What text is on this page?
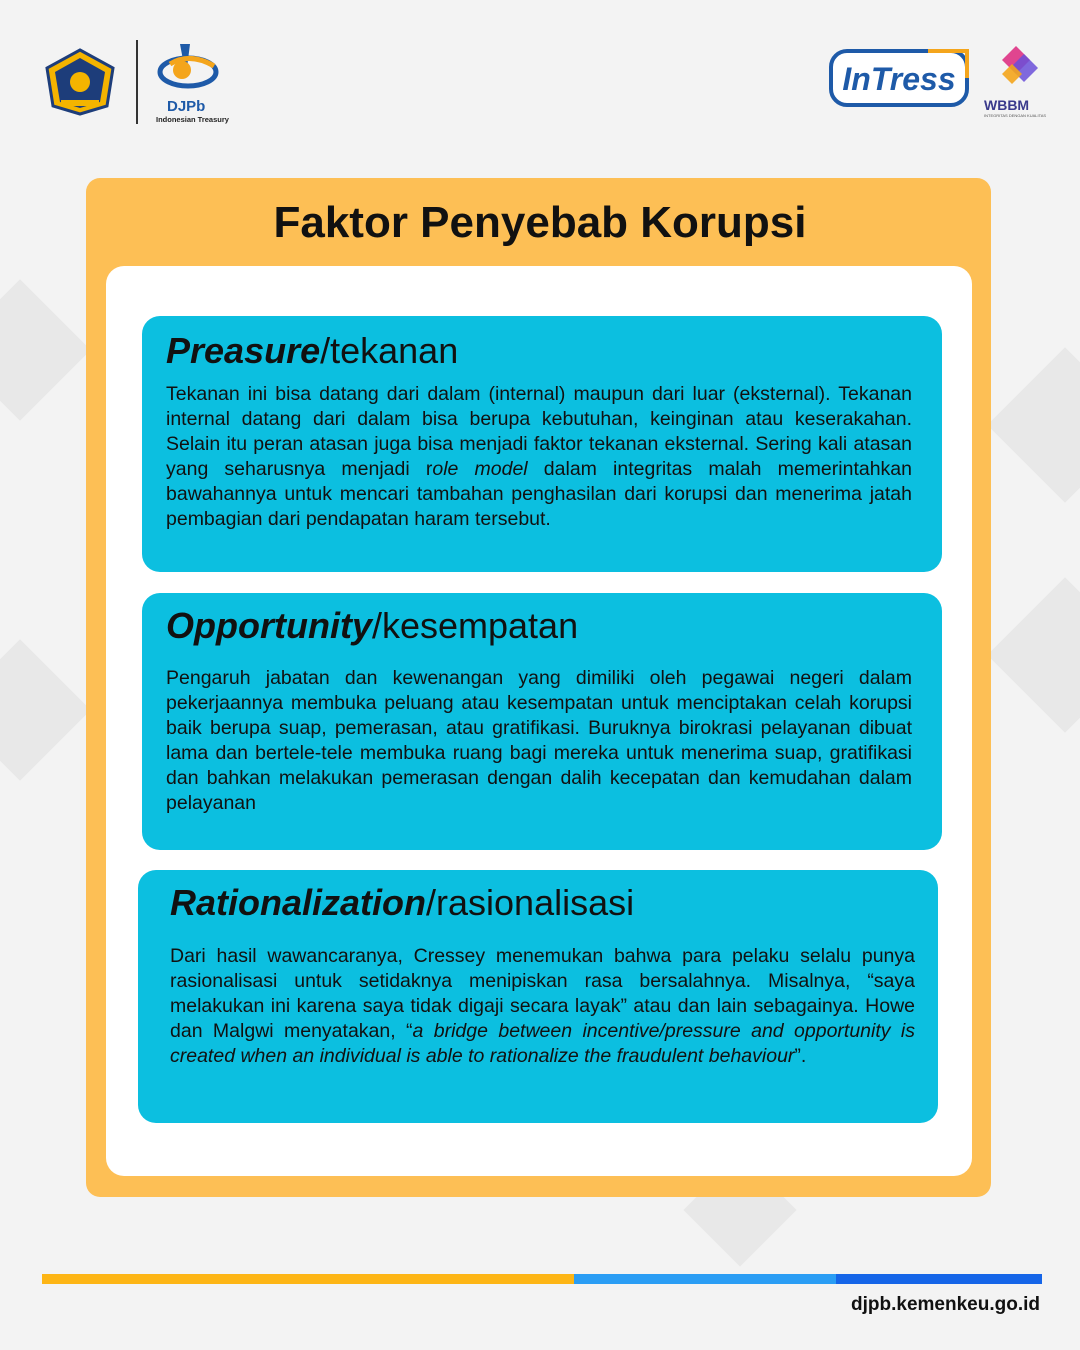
DJPb
Indonesian Treasury
InTress
WBBM
INTEGRITAS DENGAN KUALITAS
Faktor Penyebab Korupsi
Preasure/tekanan
Tekanan ini bisa datang dari dalam (internal) maupun dari luar (eksternal). Tekanan internal datang dari dalam bisa berupa kebutuhan, keinginan atau keserakahan. Selain itu peran atasan juga bisa menjadi faktor tekanan eksternal. Sering kali atasan yang seharusnya menjadi role model dalam integritas malah memerintahkan bawahannya untuk mencari tambahan penghasilan dari korupsi dan menerima jatah pembagian dari pendapatan haram tersebut.
Opportunity/kesempatan
Pengaruh jabatan dan kewenangan yang dimiliki oleh pegawai negeri dalam pekerjaannya membuka peluang atau kesempatan untuk menciptakan celah korupsi baik berupa suap, pemerasan, atau gratifikasi. Buruknya birokrasi pelayanan dibuat lama dan bertele-tele membuka ruang bagi mereka untuk menerima suap, gratifikasi dan bahkan melakukan pemerasan dengan dalih kecepatan dan kemudahan dalam pelayanan
Rationalization/rasionalisasi
Dari hasil wawancaranya, Cressey menemukan bahwa para pelaku selalu punya rasionalisasi untuk setidaknya menipiskan rasa bersalahnya. Misalnya, “saya melakukan ini karena saya tidak digaji secara layak” atau dan lain sebagainya. Howe dan Malgwi menyatakan, “a bridge between incentive/pressure and opportunity is created when an individual is able to rationalize the fraudulent behaviour”.
djpb.kemenkeu.go.id
